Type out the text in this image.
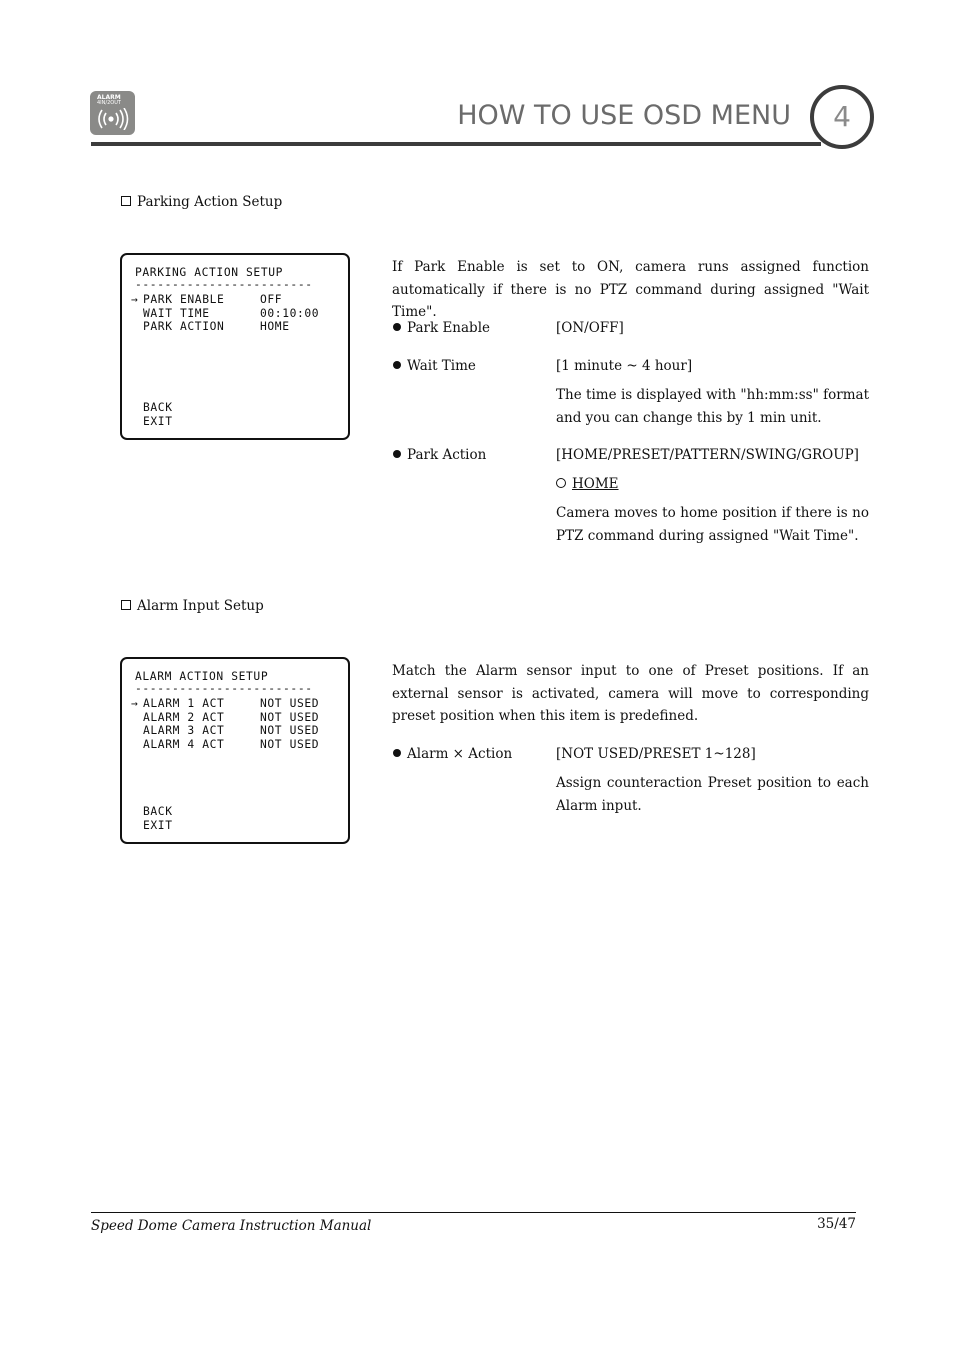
ALARM
4IN/2OUT	HOW TO USE OSD MENU	4
Parking Action Setup
PARKING ACTION SETUP
------------------------
→ PARK ENABLE	OFF
WAIT TIME	00:10:00
PARK ACTION	HOME
BACK
EXIT
If Park Enable is set to ON, camera runs assigned function automatically if there is no PTZ command during assigned "Wait Time".
Park Enable	[ON/OFF]
Wait Time	[1 minute ~ 4 hour]
The time is displayed with "hh:mm:ss" format and you can change this by 1 min unit.
Park Action	[HOME/PRESET/PATTERN/SWING/GROUP]
HOME
Camera moves to home position if there is no PTZ command during assigned "Wait Time".
Alarm Input Setup
ALARM ACTION SETUP
------------------------
→ ALARM 1 ACT	NOT USED
ALARM 2 ACT	NOT USED
ALARM 3 ACT	NOT USED
ALARM 4 ACT	NOT USED
BACK
EXIT
Match the Alarm sensor input to one of Preset positions. If an external sensor is activated, camera will move to corresponding preset position when this item is predefined.
Alarm × Action	[NOT USED/PRESET 1~128]
Assign counteraction Preset position to each Alarm input.
Speed Dome Camera Instruction Manual	35/47
